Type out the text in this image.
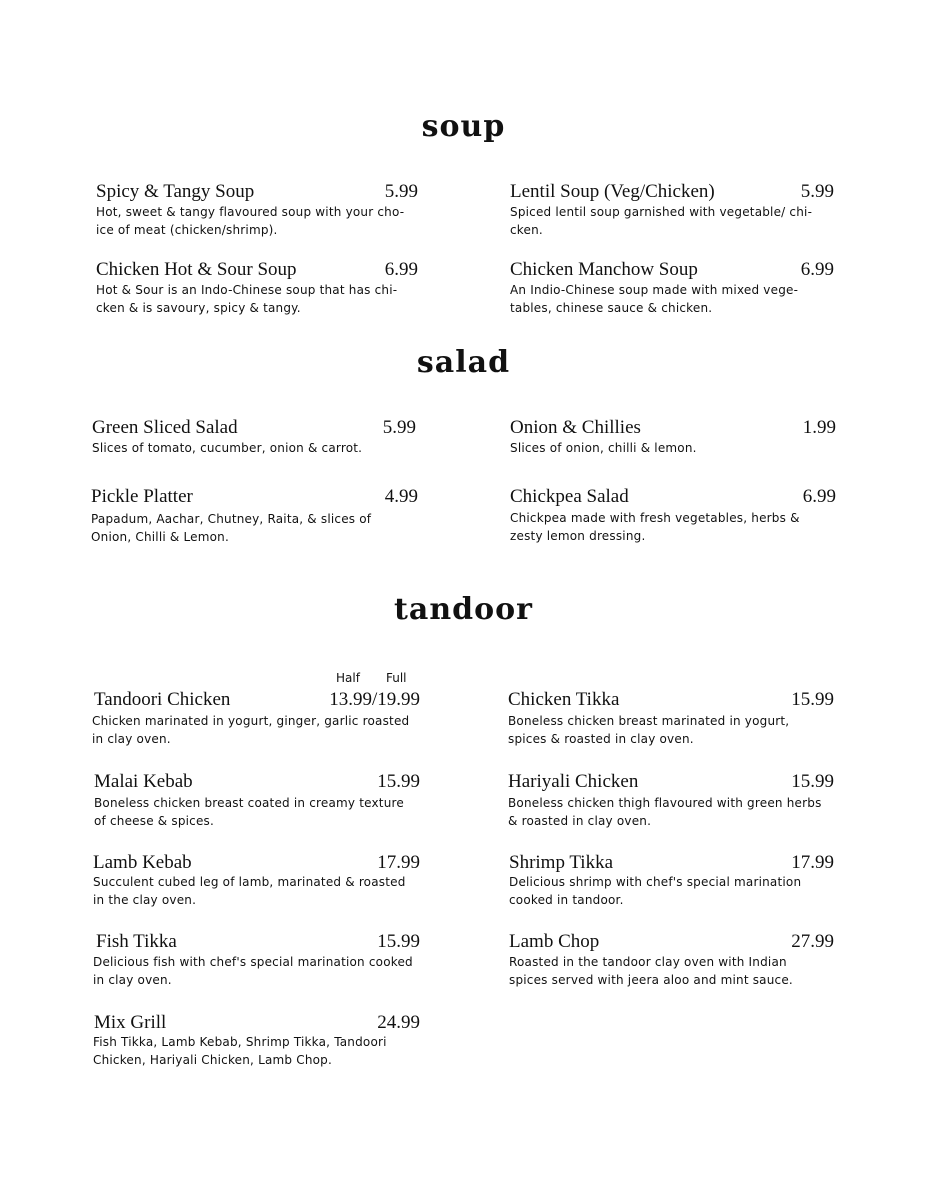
soup
Spicy & Tangy Soup	5.99
Hot, sweet & tangy flavoured soup with your cho-
ice of meat (chicken/shrimp).
Lentil Soup (Veg/Chicken)	5.99
Spiced lentil soup garnished with vegetable/ chi-
cken.
Chicken Hot & Sour Soup	6.99
Hot & Sour is an Indo-Chinese soup that has chi-
cken & is savoury, spicy & tangy.
Chicken Manchow Soup	6.99
An Indio-Chinese soup made with mixed vege-
tables, chinese sauce & chicken.
salad
Green Sliced Salad	5.99
Slices of tomato, cucumber, onion & carrot.
Onion & Chillies	1.99
Slices of onion, chilli & lemon.
Pickle Platter	4.99
Papadum, Aachar, Chutney, Raita, & slices of
Onion, Chilli & Lemon.
Chickpea Salad	6.99
Chickpea made with fresh vegetables, herbs &
zesty lemon dressing.
tandoor
Half Full
Tandoori Chicken	13.99/19.99
Chicken marinated in yogurt, ginger, garlic roasted
in clay oven.
Chicken Tikka	15.99
Boneless chicken breast marinated in yogurt,
spices & roasted in clay oven.
Malai Kebab	15.99
Boneless chicken breast coated in creamy texture
of cheese & spices.
Hariyali Chicken	15.99
Boneless chicken thigh flavoured with green herbs
& roasted in clay oven.
Lamb Kebab	17.99
Succulent cubed leg of lamb, marinated & roasted
in the clay oven.
Shrimp Tikka	17.99
Delicious shrimp with chef's special marination
cooked in tandoor.
Fish Tikka	15.99
Delicious fish with chef's special marination cooked
in clay oven.
Lamb Chop	27.99
Roasted in the tandoor clay oven with Indian
spices served with jeera aloo and mint sauce.
Mix Grill	24.99
Fish Tikka, Lamb Kebab, Shrimp Tikka, Tandoori
Chicken, Hariyali Chicken, Lamb Chop.
